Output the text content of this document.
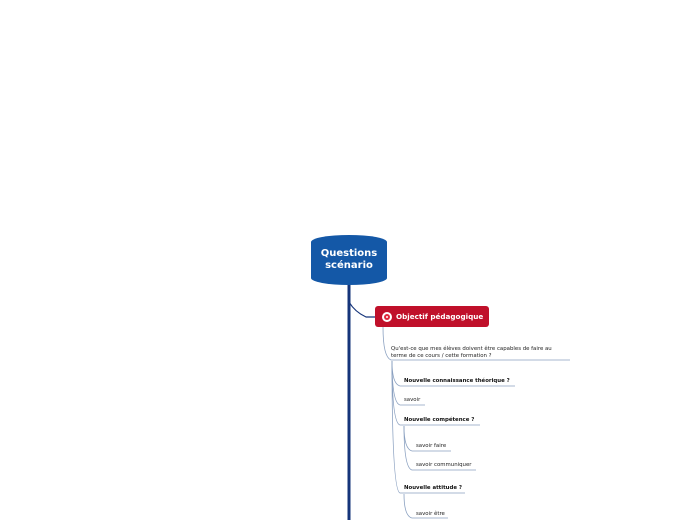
Questions scénario
Objectif pédagogique
Qu'est-ce que mes élèves doivent être capables de faire au
terme de ce cours / cette formation ?
Nouvelle connaissance théorique ?
savoir
Nouvelle compétence ?
savoir faire
savoir communiquer
Nouvelle attitude ?
savoir être
